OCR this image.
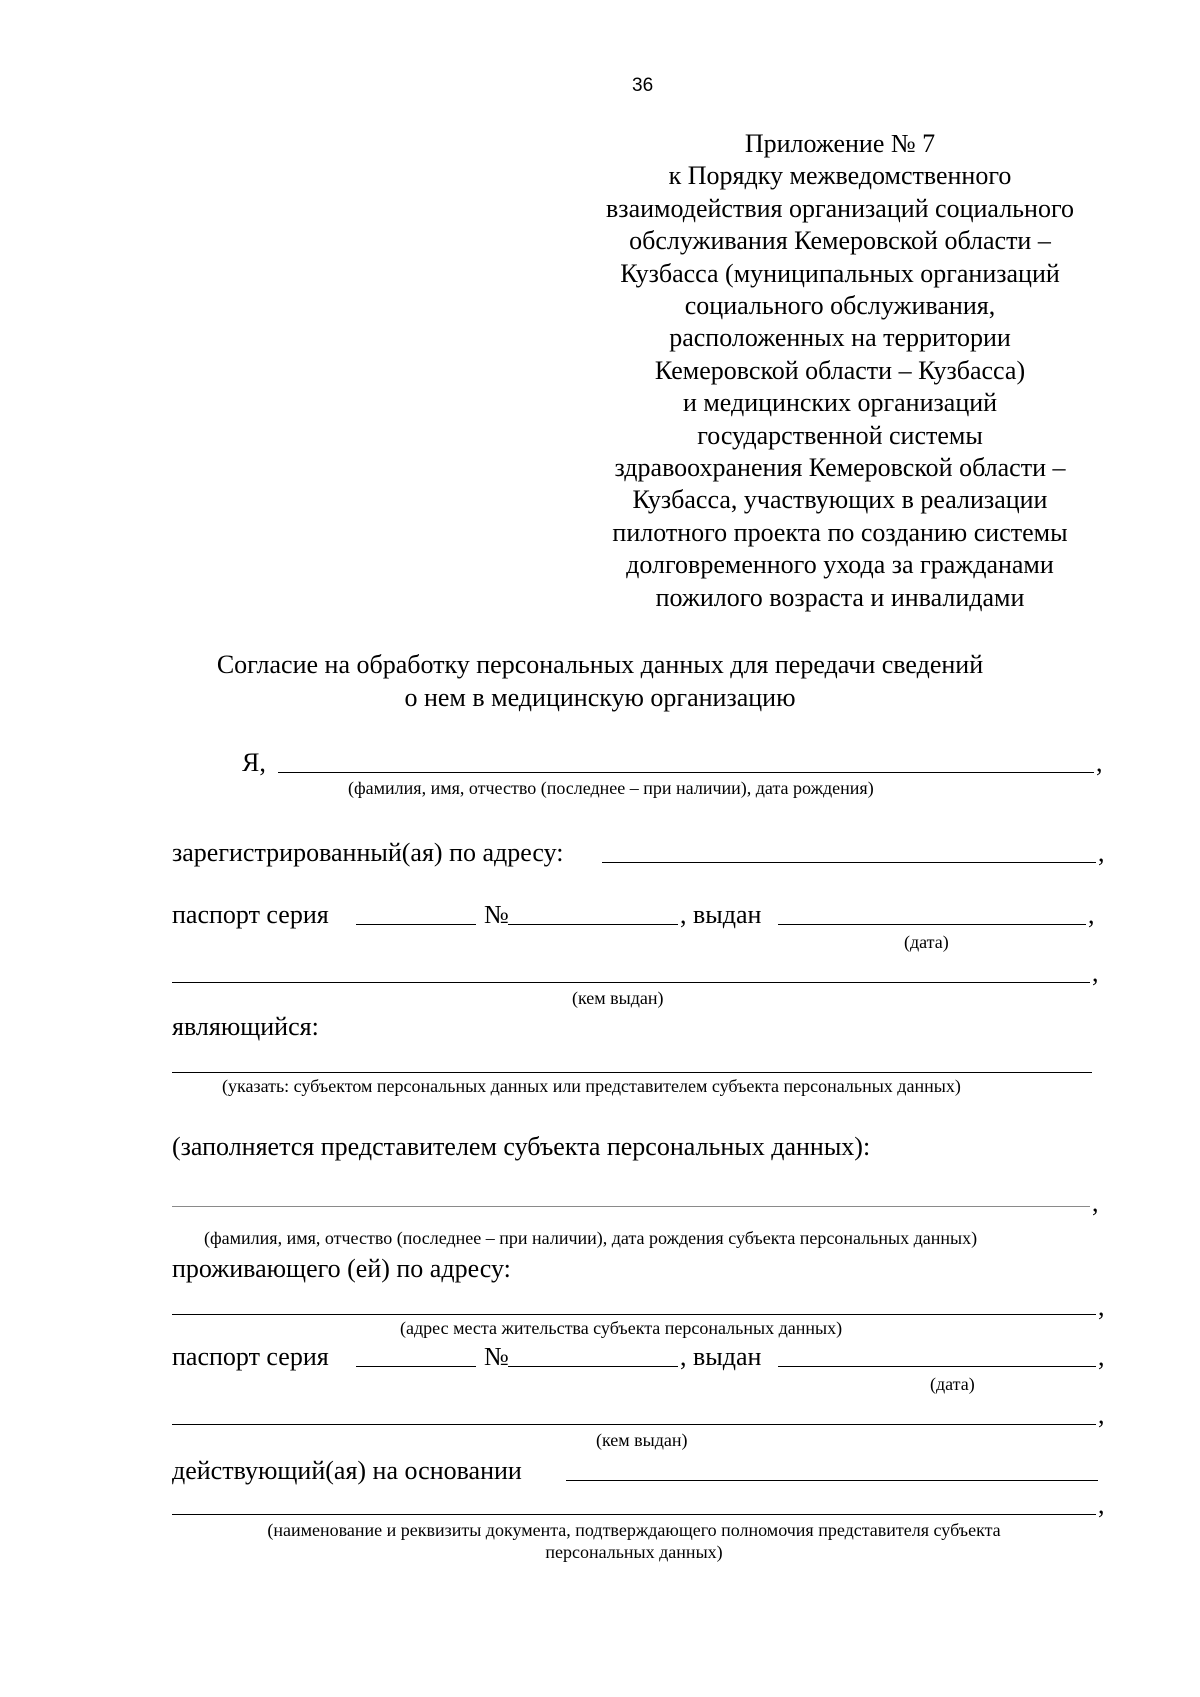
36
Приложение № 7
к Порядку межведомственного
взаимодействия организаций социального
обслуживания Кемеровской области –
Кузбасса (муниципальных организаций
социального обслуживания,
расположенных на территории
Кемеровской области – Кузбасса)
и медицинских организаций
государственной системы
здравоохранения Кемеровской области –
Кузбасса, участвующих в реализации
пилотного проекта по созданию системы
долговременного ухода за гражданами
пожилого возраста и инвалидами
Согласие на обработку персональных данных для передачи сведений
о нем в медицинскую организацию
Я,	,
(фамилия, имя, отчество (последнее – при наличии), дата рождения)
зарегистрированный(ая) по адресу:	,
паспорт серия	№	, выдан	,
(дата)
,
(кем выдан)
являющийся:
(указать: субъектом персональных данных или представителем субъекта персональных данных)
(заполняется представителем субъекта персональных данных):
,
(фамилия, имя, отчество (последнее – при наличии), дата рождения субъекта персональных данных)
проживающего (ей) по адресу:
,
(адрес места жительства субъекта персональных данных)
паспорт серия	№	, выдан	,
(дата)
,
(кем выдан)
действующий(ая) на основании
,
(наименование и реквизиты документа, подтверждающего полномочия представителя субъекта
персональных данных)
